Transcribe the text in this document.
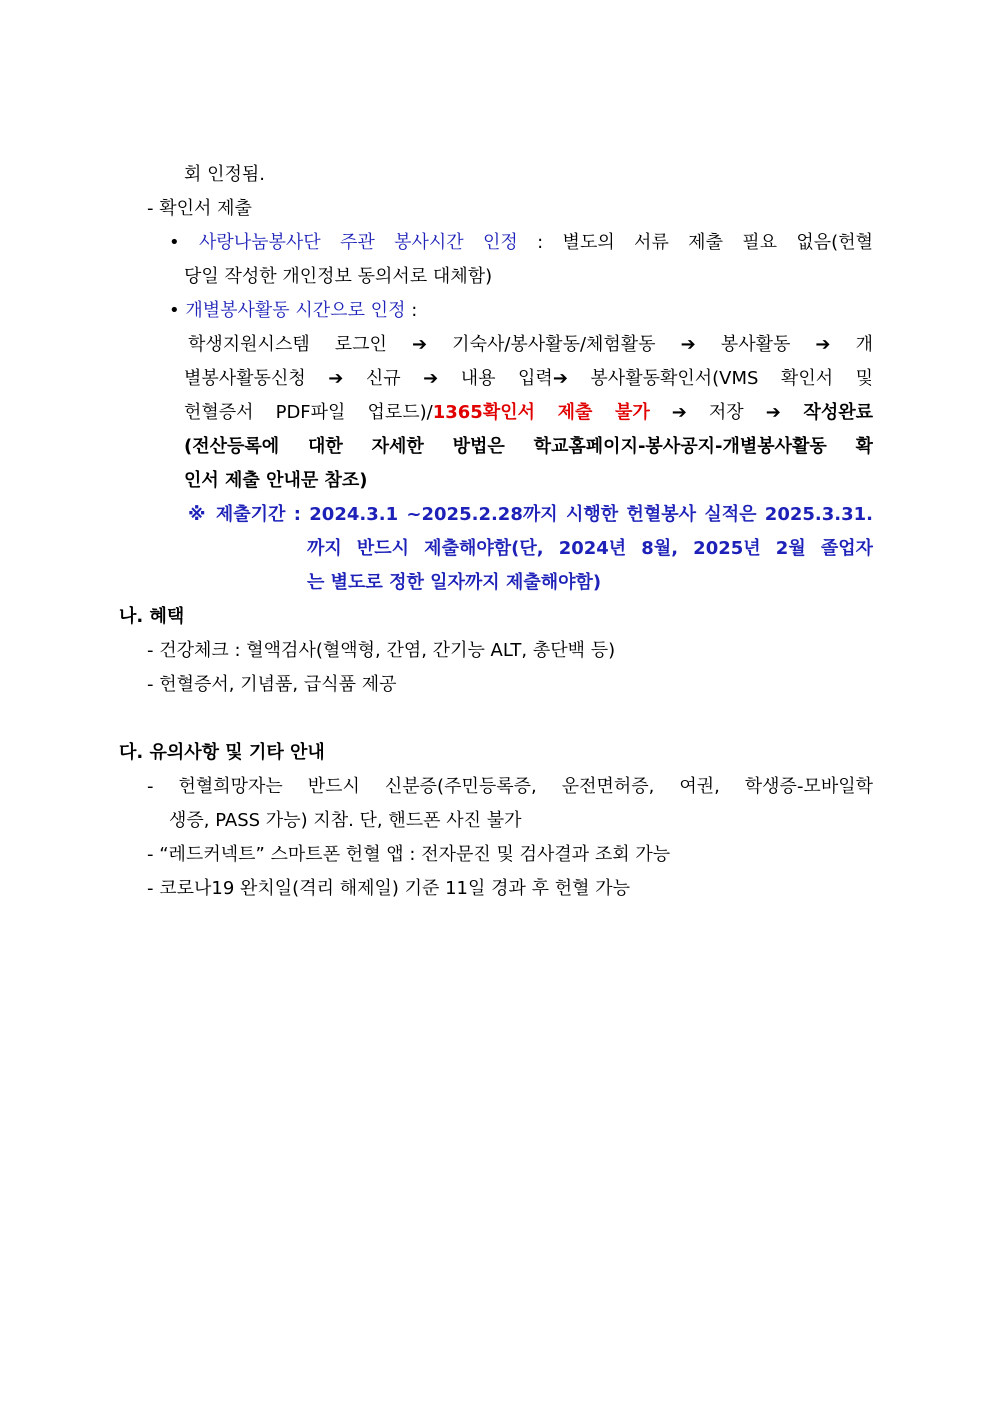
회 인정됨.
- 확인서 제출
• 사랑나눔봉사단 주관 봉사시간 인정 : 별도의 서류 제출 필요 없음(헌혈
당일 작성한 개인정보 동의서로 대체함)
• 개별봉사활동 시간으로 인정 :
학생지원시스템 로그인 ➔ 기숙사/봉사활동/체험활동 ➔ 봉사활동 ➔ 개
별봉사활동신청 ➔ 신규 ➔ 내용 입력➔ 봉사활동확인서(VMS 확인서 및
헌혈증서 PDF파일 업로드)/1365확인서 제출 불가 ➔ 저장 ➔ 작성완료
(전산등록에 대한 자세한 방법은 학교홈페이지-봉사공지-개별봉사활동 확
인서 제출 안내문 참조)
※ 제출기간 : 2024.3.1 ~2025.2.28까지 시행한 헌혈봉사 실적은 2025.3.31.
까지 반드시 제출해야함(단, 2024년 8월, 2025년 2월 졸업자
는 별도로 정한 일자까지 제출해야함)
나. 혜택
- 건강체크 : 혈액검사(혈액형, 간염, 간기능 ALT, 총단백 등)
- 헌혈증서, 기념품, 급식품 제공
다. 유의사항 및 기타 안내
- 헌혈희망자는 반드시 신분증(주민등록증, 운전면허증, 여권, 학생증-모바일학
생증, PASS 가능) 지참. 단, 핸드폰 사진 불가
- “레드커넥트” 스마트폰 헌혈 앱 : 전자문진 및 검사결과 조회 가능
- 코로나19 완치일(격리 해제일) 기준 11일 경과 후 헌혈 가능
